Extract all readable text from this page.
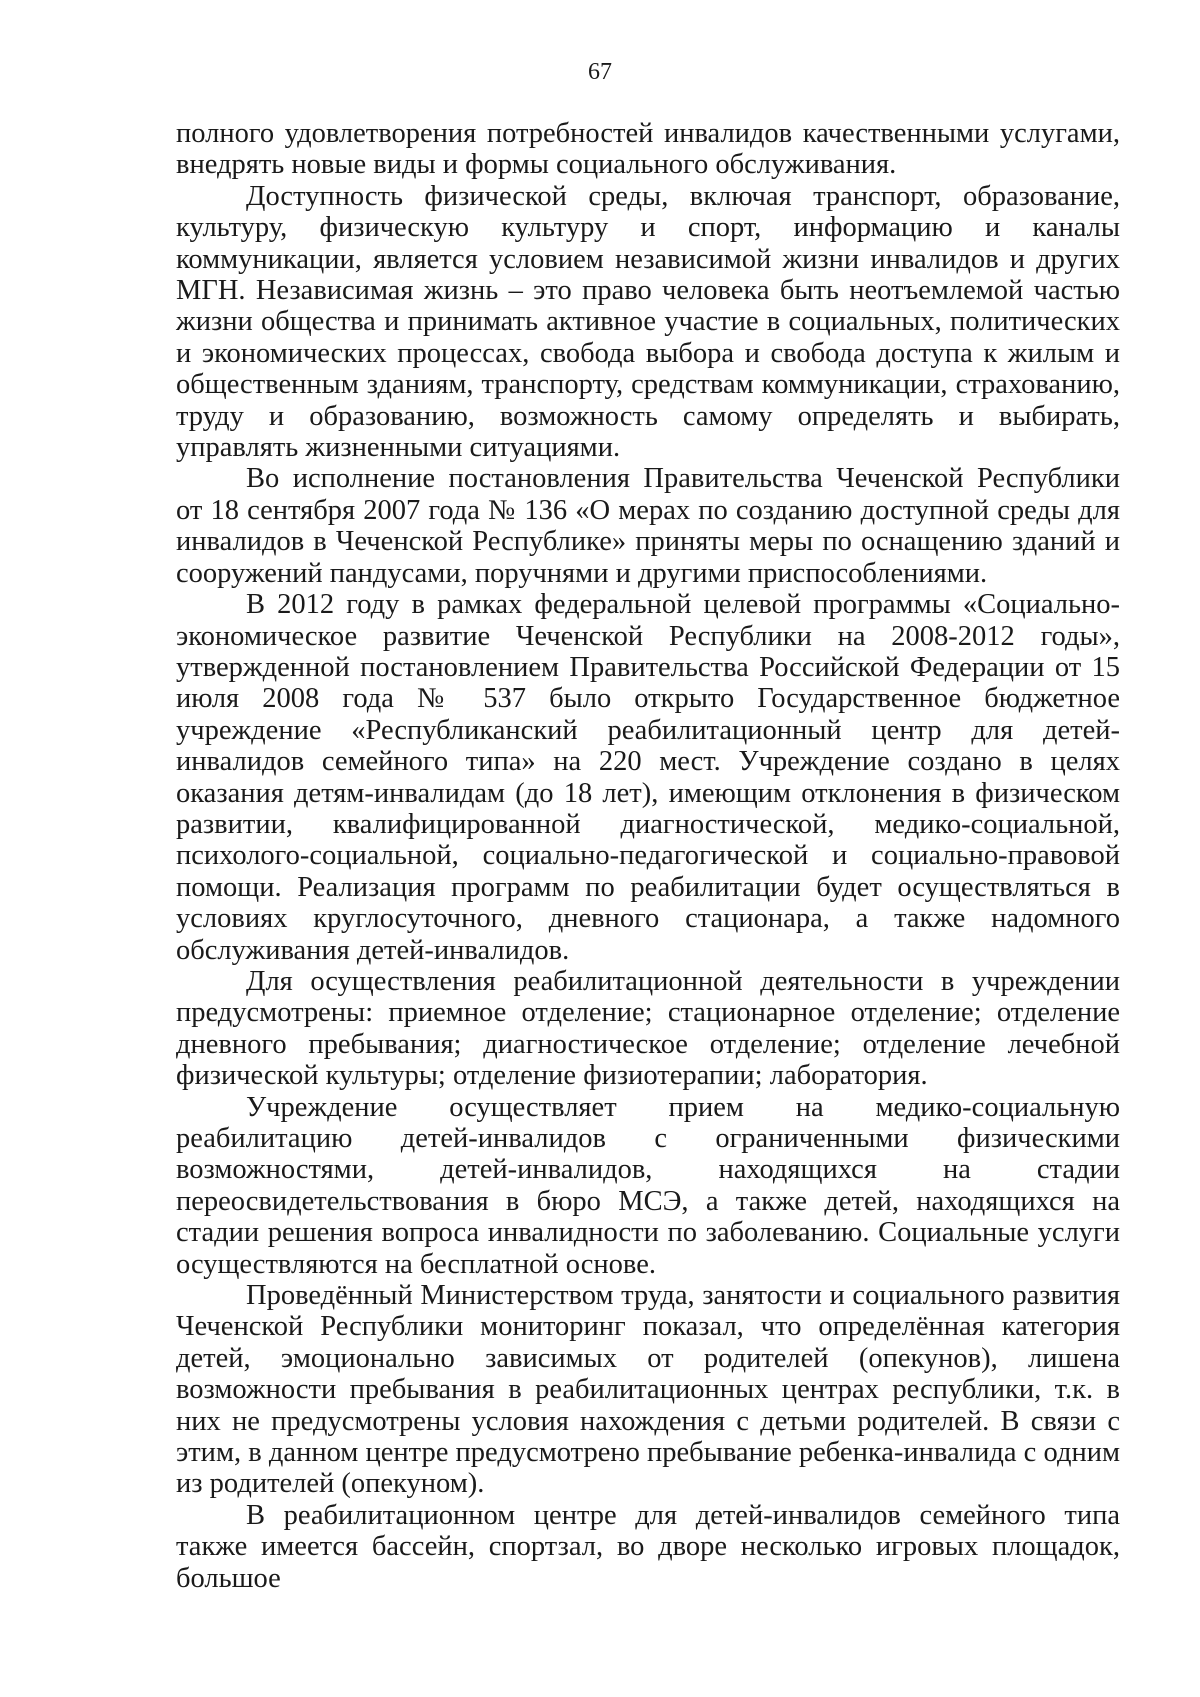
67

полного удовлетворения потребностей инвалидов качественными услугами, внедрять новые виды и формы социального обслуживания.

Доступность физической среды, включая транспорт, образование, культуру, физическую культуру и спорт, информацию и каналы коммуникации, является условием независимой жизни инвалидов и других МГН. Независимая жизнь – это право человека быть неотъемлемой частью жизни общества и принимать активное участие в социальных, политических и экономических процессах, свобода выбора и свобода доступа к жилым и общественным зданиям, транспорту, средствам коммуникации, страхованию, труду и образованию, возможность самому определять и выбирать, управлять жизненными ситуациями.

Во исполнение постановления Правительства Чеченской Республики от 18 сентября 2007 года № 136 «О мерах по созданию доступной среды для инвалидов в Чеченской Республике» приняты меры по оснащению зданий и сооружений пандусами, поручнями и другими приспособлениями.

В 2012 году в рамках федеральной целевой программы «Социально-экономическое развитие Чеченской Республики на 2008-2012 годы», утвержденной постановлением Правительства Российской Федерации от 15 июля 2008 года № 537 было открыто Государственное бюджетное учреждение «Республиканский реабилитационный центр для детей-инвалидов семейного типа» на 220 мест. Учреждение создано в целях оказания детям-инвалидам (до 18 лет), имеющим отклонения в физическом развитии, квалифицированной диагностической, медико-социальной, психолого-социальной, социально-педагогической и социально-правовой помощи. Реализация программ по реабилитации будет осуществляться в условиях круглосуточного, дневного стационара, а также надомного обслуживания детей-инвалидов.

Для осуществления реабилитационной деятельности в учреждении предусмотрены: приемное отделение; стационарное отделение; отделение дневного пребывания; диагностическое отделение; отделение лечебной физической культуры; отделение физиотерапии; лаборатория.

Учреждение осуществляет прием на медико-социальную реабилитацию детей-инвалидов с ограниченными физическими возможностями, детей-инвалидов, находящихся на стадии переосвидетельствования в бюро МСЭ, а также детей, находящихся на стадии решения вопроса инвалидности по заболеванию. Социальные услуги осуществляются на бесплатной основе.

Проведённый Министерством труда, занятости и социального развития Чеченской Республики мониторинг показал, что определённая категория детей, эмоционально зависимых от родителей (опекунов), лишена возможности пребывания в реабилитационных центрах республики, т.к. в них не предусмотрены условия нахождения с детьми родителей. В связи с этим, в данном центре предусмотрено пребывание ребенка-инвалида с одним из родителей (опекуном).

В реабилитационном центре для детей-инвалидов семейного типа также имеется бассейн, спортзал, во дворе несколько игровых площадок, большое
